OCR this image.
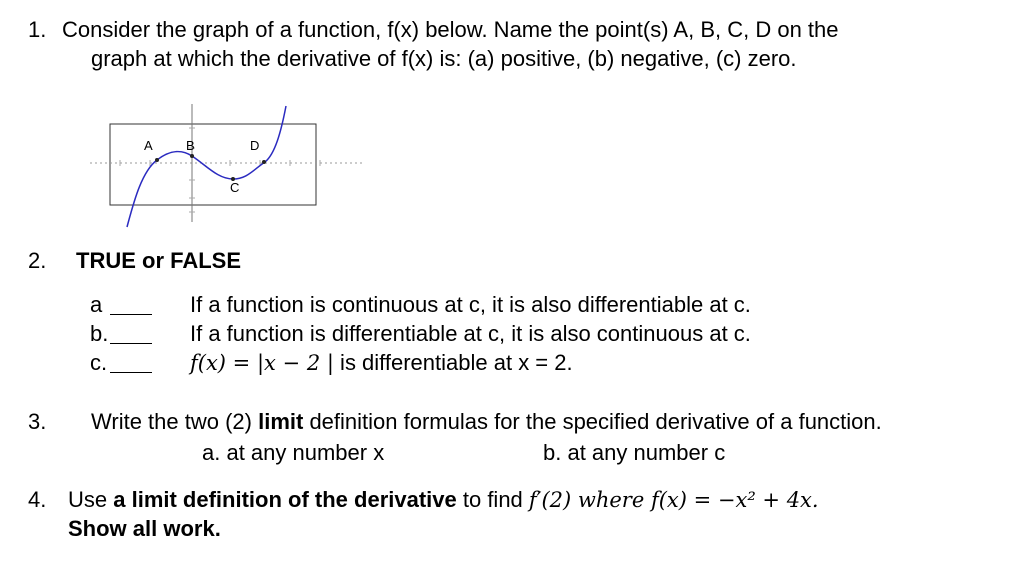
1. Consider the graph of a function, f(x) below. Name the point(s) A, B, C, D on the
graph at which the derivative of f(x) is: (a) positive, (b) negative, (c) zero.
A	B
C
D
2. TRUE or FALSE
a	If a function is continuous at c, it is also differentiable at c.
b.	If a function is differentiable at c, it is also continuous at c.
c.	f(x) = |x − 2 | is differentiable at x = 2.
3. Write the two (2) limit definition formulas for the specified derivative of a function.
a. at any number x	b. at any number c
4. Use a limit definition of the derivative to find f′(2) where f(x) = −x² + 4x.
Show all work.
